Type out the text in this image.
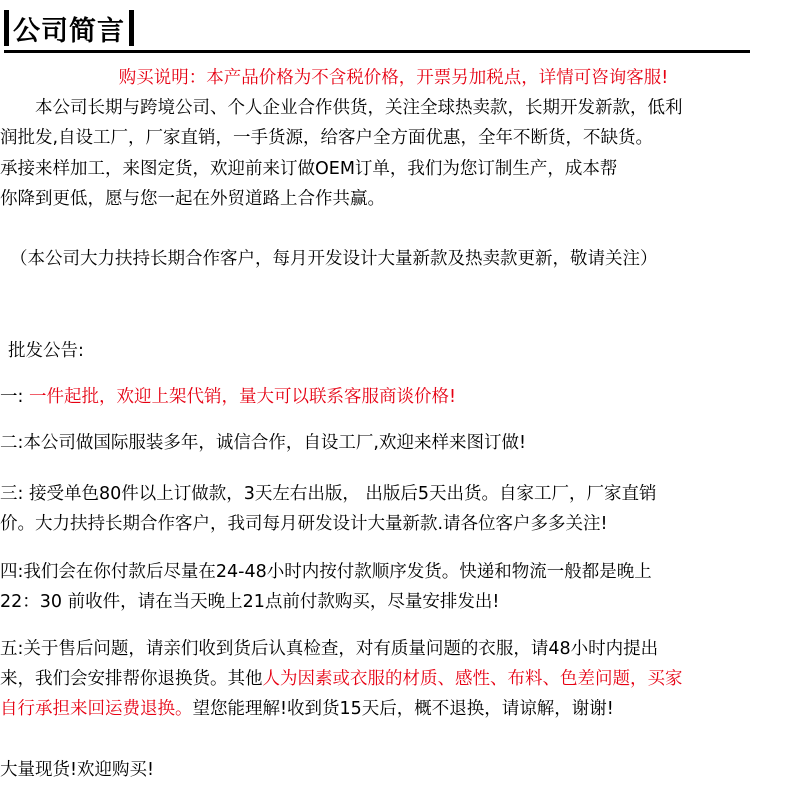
公司简言
购买说明：本产品价格为不含税价格，开票另加税点，详情可咨询客服!
　　本公司长期与跨境公司、个人企业合作供货，关注全球热卖款，长期开发新款，低利
润批发,自设工厂，厂家直销，一手货源，给客户全方面优惠，全年不断货，不缺货。
承接来样加工，来图定货，欢迎前来订做OEM订单，我们为您订制生产，成本帮
你降到更低，愿与您一起在外贸道路上合作共赢。
（本公司大力扶持长期合作客户，每月开发设计大量新款及热卖款更新，敬请关注）
批发公告:
一: 一件起批，欢迎上架代销，量大可以联系客服商谈价格!
二:本公司做国际服装多年，诚信合作，自设工厂,欢迎来样来图订做!
三: 接受单色80件以上订做款，3天左右出版， 出版后5天出货。自家工厂，厂家直销
价。大力扶持长期合作客户，我司每月研发设计大量新款.请各位客户多多关注!
四:我们会在你付款后尽量在24-48小时内按付款顺序发货。快递和物流一般都是晚上
22：30 前收件，请在当天晚上21点前付款购买，尽量安排发出!
五:关于售后问题，请亲们收到货后认真检查，对有质量问题的衣服，请48小时内提出
来，我们会安排帮你退换货。其他人为因素或衣服的材质、感性、布料、色差问题，买家
自行承担来回运费退换。望您能理解!收到货15天后，概不退换，请谅解，谢谢!
大量现货!欢迎购买!
